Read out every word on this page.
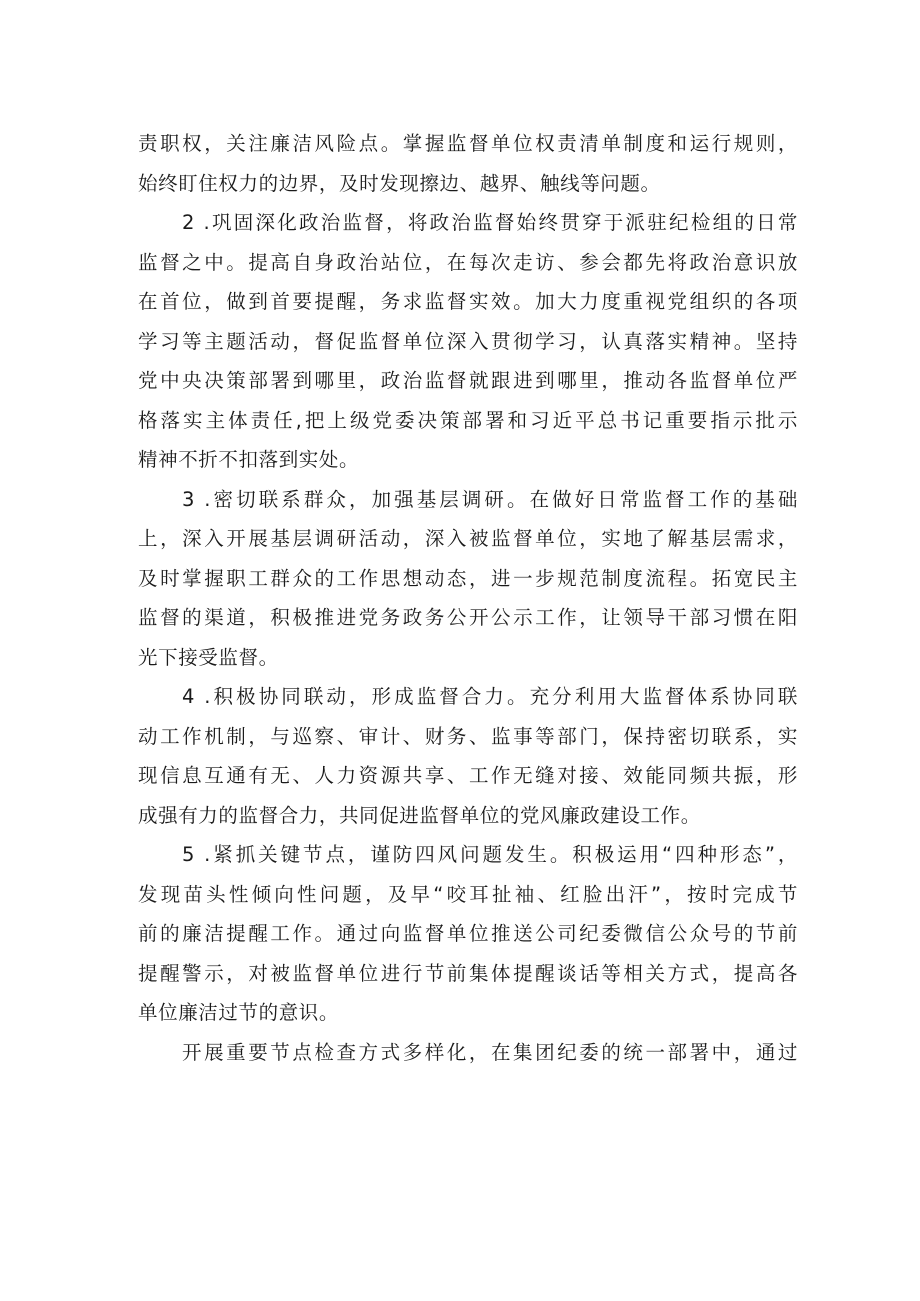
责职权，关注廉洁风险点。掌握监督单位权责清单制度和运行规则，
始终盯住权力的边界，及时发现擦边、越界、触线等问题。
2 .巩固深化政治监督，将政治监督始终贯穿于派驻纪检组的日常
监督之中。提高自身政治站位，在每次走访、参会都先将政治意识放
在首位，做到首要提醒，务求监督实效。加大力度重视党组织的各项
学习等主题活动，督促监督单位深入贯彻学习，认真落实精神。坚持
党中央决策部署到哪里，政治监督就跟进到哪里，推动各监督单位严
格落实主体责任,把上级党委决策部署和习近平总书记重要指示批示
精神不折不扣落到实处。
3 .密切联系群众，加强基层调研。在做好日常监督工作的基础
上，深入开展基层调研活动，深入被监督单位，实地了解基层需求，
及时掌握职工群众的工作思想动态，进一步规范制度流程。拓宽民主
监督的渠道，积极推进党务政务公开公示工作，让领导干部习惯在阳
光下接受监督。
4 .积极协同联动，形成监督合力。充分利用大监督体系协同联
动工作机制，与巡察、审计、财务、监事等部门，保持密切联系，实
现信息互通有无、人力资源共享、工作无缝对接、效能同频共振，形
成强有力的监督合力，共同促进监督单位的党风廉政建设工作。
5 .紧抓关键节点，谨防四风问题发生。积极运用“四种形态”，
发现苗头性倾向性问题，及早“咬耳扯袖、红脸出汗”，按时完成节
前的廉洁提醒工作。通过向监督单位推送公司纪委微信公众号的节前
提醒警示，对被监督单位进行节前集体提醒谈话等相关方式，提高各
单位廉洁过节的意识。
开展重要节点检查方式多样化，在集团纪委的统一部署中，通过
